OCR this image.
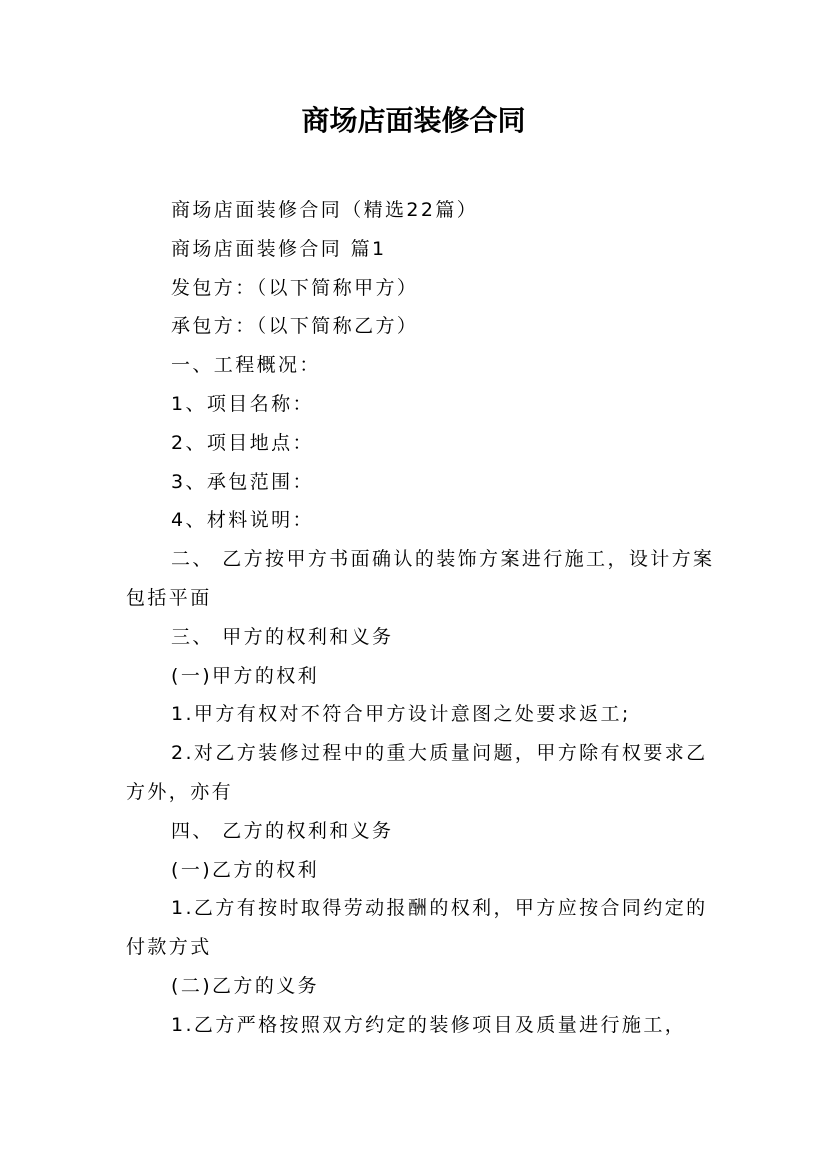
商场店面装修合同

商场店面装修合同（精选22篇）

商场店面装修合同 篇1

发包方：（以下简称甲方）

承包方：（以下简称乙方）

一、工程概况：

1、项目名称：

2、项目地点：

3、承包范围：

4、材料说明：

二、 乙方按甲方书面确认的装饰方案进行施工，设计方案包括平面

三、 甲方的权利和义务

(一)甲方的权利

1.甲方有权对不符合甲方设计意图之处要求返工;

2.对乙方装修过程中的重大质量问题，甲方除有权要求乙方外，亦有

四、 乙方的权利和义务

(一)乙方的权利

1.乙方有按时取得劳动报酬的权利，甲方应按合同约定的付款方式

(二)乙方的义务

1.乙方严格按照双方约定的装修项目及质量进行施工，
